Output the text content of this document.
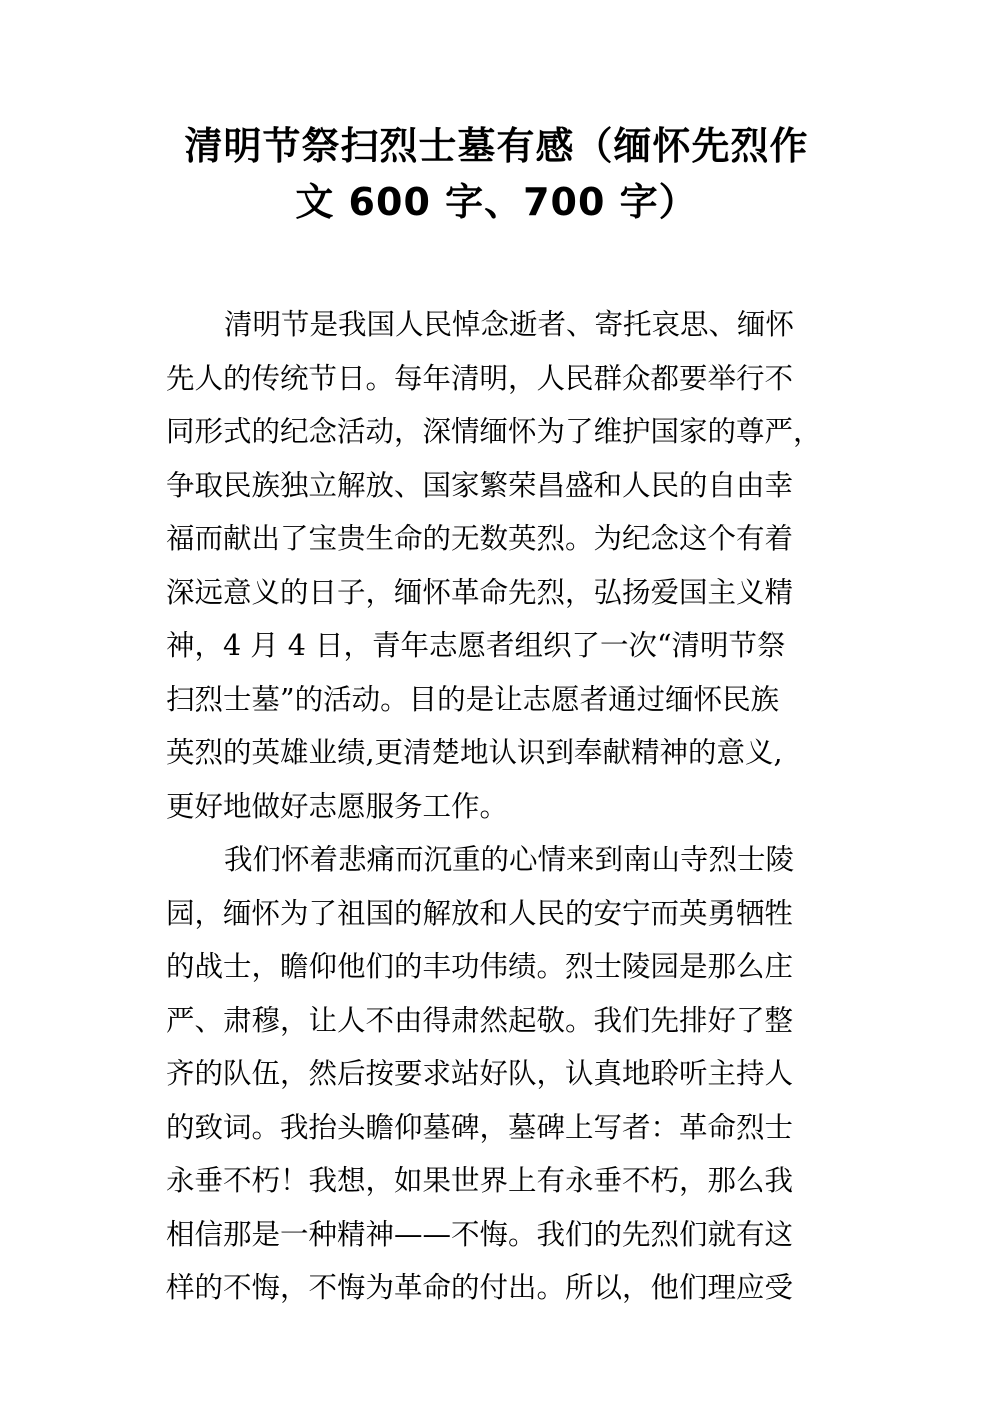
清明节祭扫烈士墓有感（缅怀先烈作
文 600 字、700 字）

清明节是我国人民悼念逝者、寄托哀思、缅怀
先人的传统节日。每年清明，人民群众都要举行不
同形式的纪念活动，深情缅怀为了维护国家的尊严，
争取民族独立解放、国家繁荣昌盛和人民的自由幸
福而献出了宝贵生命的无数英烈。为纪念这个有着
深远意义的日子，缅怀革命先烈，弘扬爱国主义精
神，4 月 4 日，青年志愿者组织了一次“清明节祭
扫烈士墓”的活动。目的是让志愿者通过缅怀民族
英烈的英雄业绩,更清楚地认识到奉献精神的意义,
更好地做好志愿服务工作。

我们怀着悲痛而沉重的心情来到南山寺烈士陵
园，缅怀为了祖国的解放和人民的安宁而英勇牺牲
的战士，瞻仰他们的丰功伟绩。烈士陵园是那么庄
严、肃穆，让人不由得肃然起敬。我们先排好了整
齐的队伍，然后按要求站好队，认真地聆听主持人
的致词。我抬头瞻仰墓碑，墓碑上写者：革命烈士
永垂不朽！我想，如果世界上有永垂不朽，那么我
相信那是一种精神——不悔。我们的先烈们就有这
样的不悔，不悔为革命的付出。所以，他们理应受
